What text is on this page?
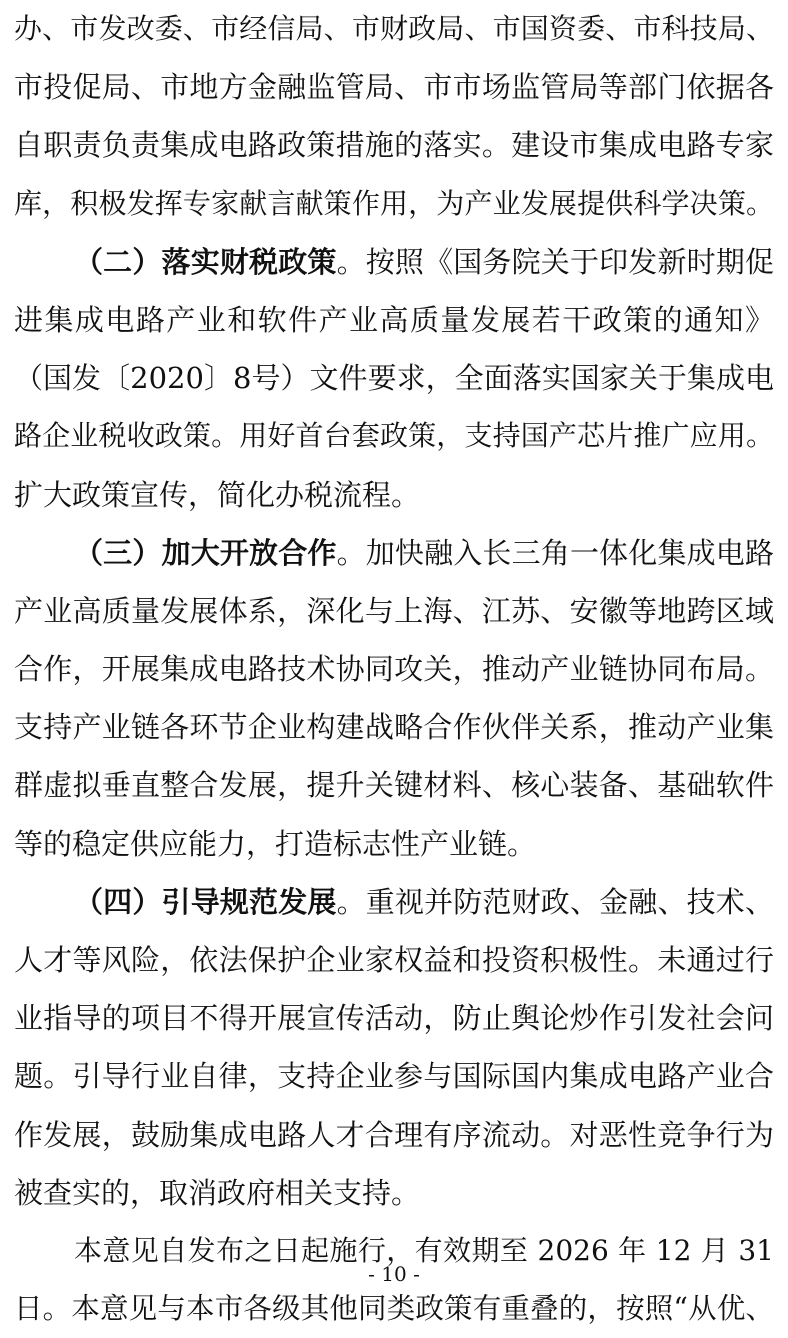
办、市发改委、市经信局、市财政局、市国资委、市科技局、
市投促局、市地方金融监管局、市市场监管局等部门依据各
自职责负责集成电路政策措施的落实。建设市集成电路专家
库，积极发挥专家献言献策作用，为产业发展提供科学决策。
（二）落实财税政策。按照《国务院关于印发新时期促
进集成电路产业和软件产业高质量发展若干政策的通知》
（国发〔2020〕8号）文件要求，全面落实国家关于集成电
路企业税收政策。用好首台套政策，支持国产芯片推广应用。
扩大政策宣传，简化办税流程。
（三）加大开放合作。加快融入长三角一体化集成电路
产业高质量发展体系，深化与上海、江苏、安徽等地跨区域
合作，开展集成电路技术协同攻关，推动产业链协同布局。
支持产业链各环节企业构建战略合作伙伴关系，推动产业集
群虚拟垂直整合发展，提升关键材料、核心装备、基础软件
等的稳定供应能力，打造标志性产业链。
（四）引导规范发展。重视并防范财政、金融、技术、
人才等风险，依法保护企业家权益和投资积极性。未通过行
业指导的项目不得开展宣传活动，防止舆论炒作引发社会问
题。引导行业自律，支持企业参与国际国内集成电路产业合
作发展，鼓励集成电路人才合理有序流动。对恶性竞争行为
被查实的，取消政府相关支持。
本意见自发布之日起施行，有效期至 2026 年 12 月 31
日。本意见与本市各级其他同类政策有重叠的，按照“从优、
- 10 -
